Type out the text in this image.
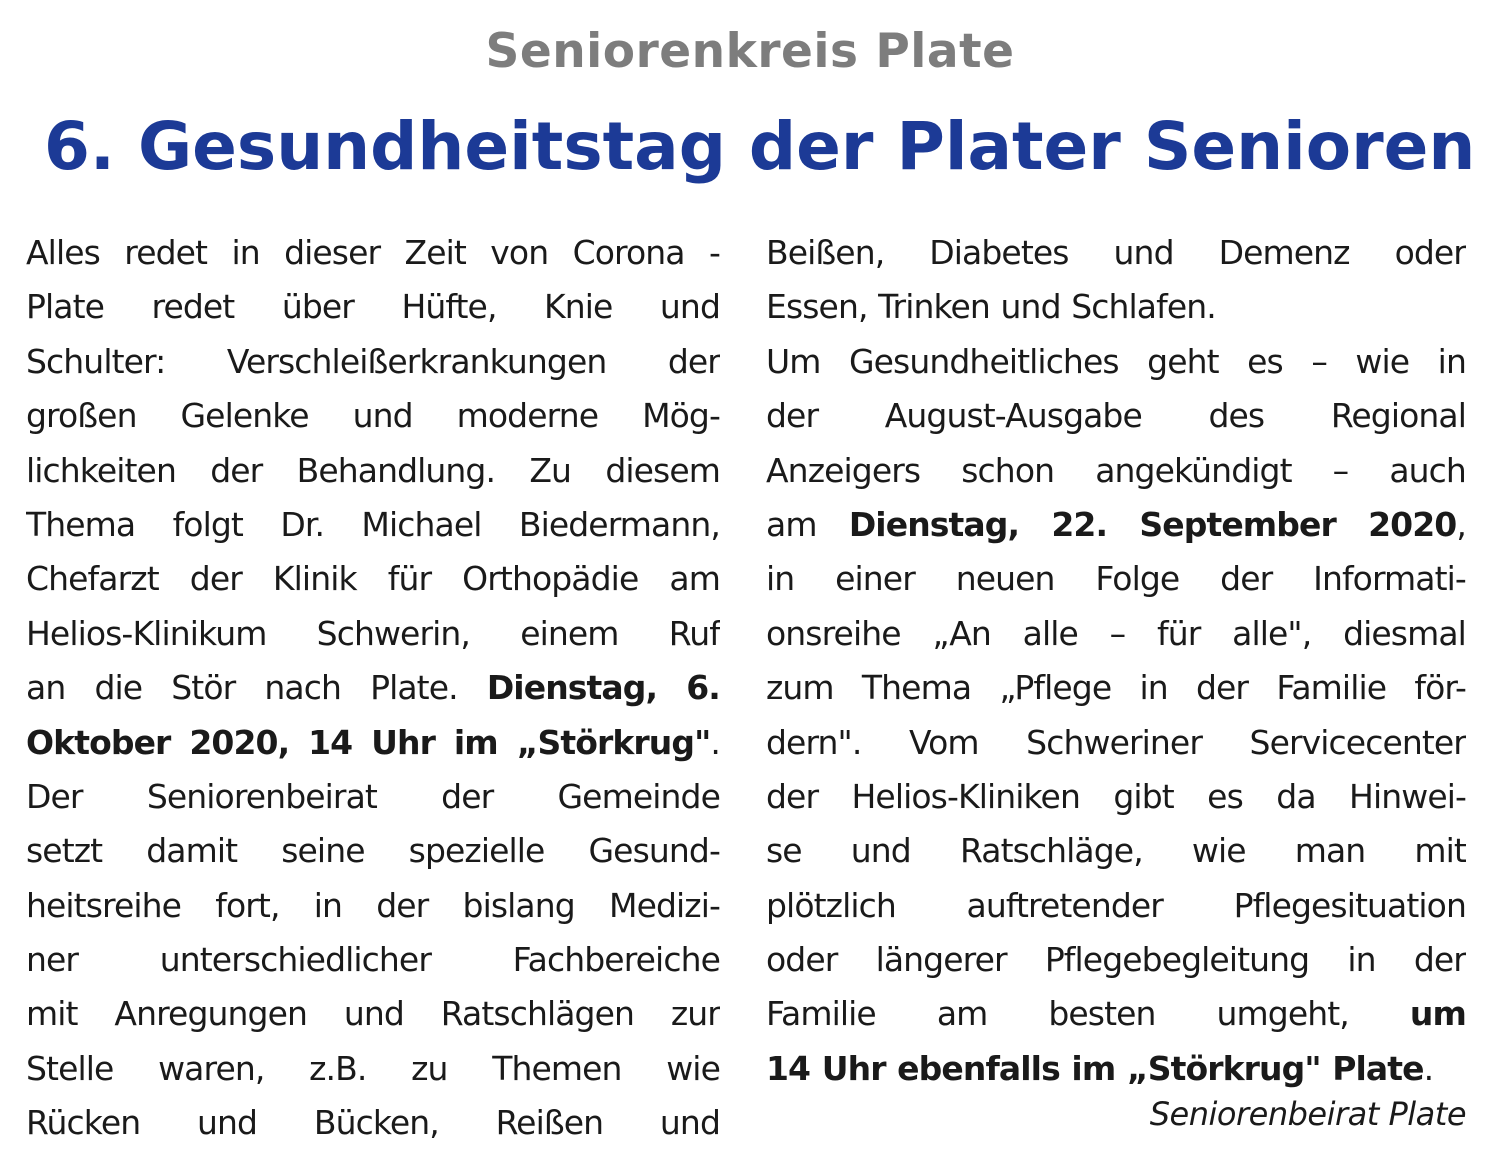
Seniorenkreis Plate
6. Gesundheitstag der Plater Senioren
Alles redet in dieser Zeit von Corona -
Plate redet über Hüfte, Knie und
Schulter: Verschleißerkrankungen der
großen Gelenke und moderne Mög-
lichkeiten der Behandlung. Zu diesem
Thema folgt Dr. Michael Biedermann,
Chefarzt der Klinik für Orthopädie am
Helios-Klinikum Schwerin, einem Ruf
an die Stör nach Plate. Dienstag, 6.
Oktober 2020, 14 Uhr im „Störkrug".
Der Seniorenbeirat der Gemeinde
setzt damit seine spezielle Gesund-
heitsreihe fort, in der bislang Medizi-
ner unterschiedlicher Fachbereiche
mit Anregungen und Ratschlägen zur
Stelle waren, z.B. zu Themen wie
Rücken und Bücken, Reißen und
Beißen, Diabetes und Demenz oder
Essen, Trinken und Schlafen.
Um Gesundheitliches geht es – wie in
der August-Ausgabe des Regional
Anzeigers schon angekündigt – auch
am Dienstag, 22. September 2020,
in einer neuen Folge der Informati-
onsreihe „An alle – für alle", diesmal
zum Thema „Pflege in der Familie för-
dern". Vom Schweriner Servicecenter
der Helios-Kliniken gibt es da Hinwei-
se und Ratschläge, wie man mit
plötzlich auftretender Pflegesituation
oder längerer Pflegebegleitung in der
Familie am besten umgeht, um
14 Uhr ebenfalls im „Störkrug" Plate.

Seniorenbeirat Plate
